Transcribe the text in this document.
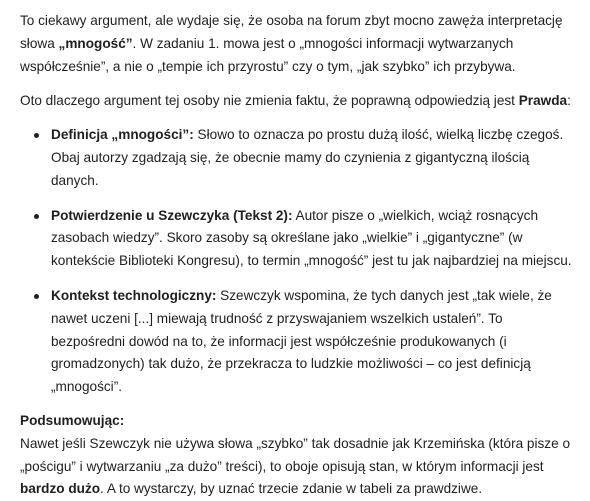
To ciekawy argument, ale wydaje się, że osoba na forum zbyt mocno zawęża interpretację słowa „mnogość”. W zadaniu 1. mowa jest o „mnogości informacji wytwarzanych współcześnie”, a nie o „tempie ich przyrostu” czy o tym, „jak szybko” ich przybywa.

Oto dlaczego argument tej osoby nie zmienia faktu, że poprawną odpowiedzią jest Prawda:

Definicja „mnogości”: Słowo to oznacza po prostu dużą ilość, wielką liczbę czegoś. Obaj autorzy zgadzają się, że obecnie mamy do czynienia z gigantyczną ilością danych.
Potwierdzenie u Szewczyka (Tekst 2): Autor pisze o „wielkich, wciąż rosnących zasobach wiedzy”. Skoro zasoby są określane jako „wielkie” i „gigantyczne” (w kontekście Biblioteki Kongresu), to termin „mnogość” jest tu jak najbardziej na miejscu.
Kontekst technologiczny: Szewczyk wspomina, że tych danych jest „tak wiele, że nawet uczeni [...] miewają trudność z przyswajaniem wszelkich ustaleń”. To bezpośredni dowód na to, że informacji jest współcześnie produkowanych (i gromadzonych) tak dużo, że przekracza to ludzkie możliwości – co jest definicją „mnogości”.

Podsumowując:

Nawet jeśli Szewczyk nie używa słowa „szybko” tak dosadnie jak Krzemińska (która pisze o „pościgu” i wytwarzaniu „za dużo” treści), to oboje opisują stan, w którym informacji jest bardzo dużo. A to wystarczy, by uznać trzecie zdanie w tabeli za prawdziwe.
